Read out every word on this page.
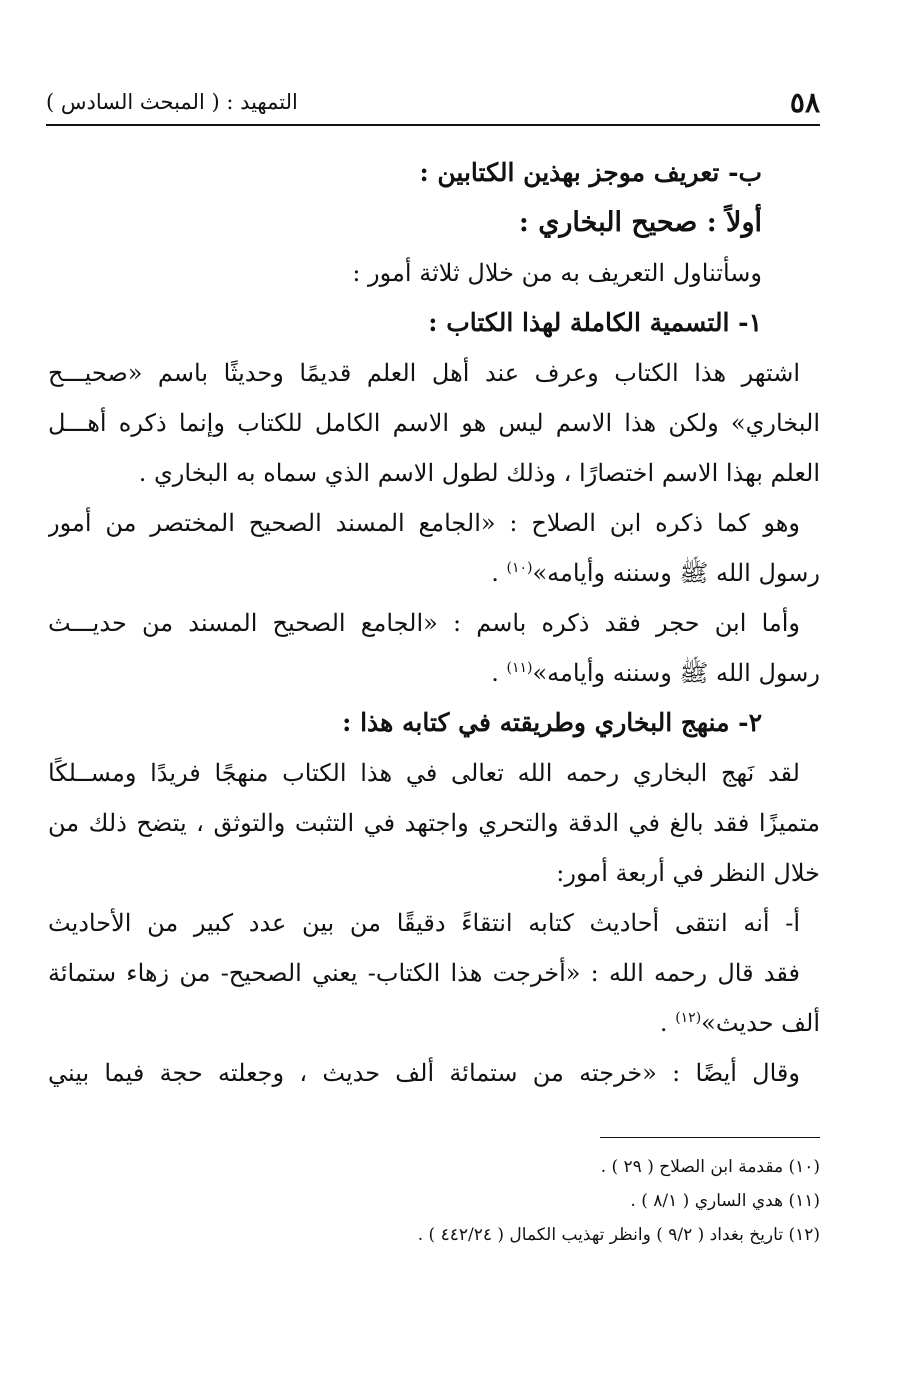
٥٨
التمهيد : ( المبحث السادس )
ب- تعريف موجز بهذين الكتابين :
أولاً : صحيح البخاري :
وسأتناول التعريف به من خلال ثلاثة أمور :
١- التسمية الكاملة لهذا الكتاب :
اشتهر هذا الكتاب وعرف عند أهل العلم قديمًا وحديثًا باسم «صحيـــح
البخاري» ولكن هذا الاسم ليس هو الاسم الكامل للكتاب وإنما ذكره أهـــل
العلم بهذا الاسم اختصارًا ، وذلك لطول الاسم الذي سماه به البخاري .
وهو كما ذكره ابن الصلاح : «الجامع المسند الصحيح المختصر من أمور
رسول الله ﷺ وسننه وأيامه»$^{(١٠)}$ .
وأما ابن حجر فقد ذكره باسم : «الجامع الصحيح المسند من حديـــث
رسول الله ﷺ وسننه وأيامه»$^{(١١)}$ .
٢- منهج البخاري وطريقته في كتابه هذا :
لقد نَهج البخاري رحمه الله تعالى في هذا الكتاب منهجًا فريدًا ومســلكًا
متميزًا فقد بالغ في الدقة والتحري واجتهد في التثبت والتوثق ، يتضح ذلك من
خلال النظر في أربعة أمور:
أ- أنه انتقى أحاديث كتابه انتقاءً دقيقًا من بين عدد كبير من الأحاديث
فقد قال رحمه الله : «أخرجت هذا الكتاب- يعني الصحيح- من زهاء ستمائة
ألف حديث»$^{(١٢)}$ .
وقال أيضًا : «خرجته من ستمائة ألف حديث ، وجعلته حجة فيما بيني
(١٠) مقدمة ابن الصلاح ( ٢٩ ) .
(١١) هدي الساري ( ٨/١ ) .
(١٢) تاريخ بغداد ( ٩/٢ ) وانظر تهذيب الكمال ( ٤٤٢/٢٤ ) .
